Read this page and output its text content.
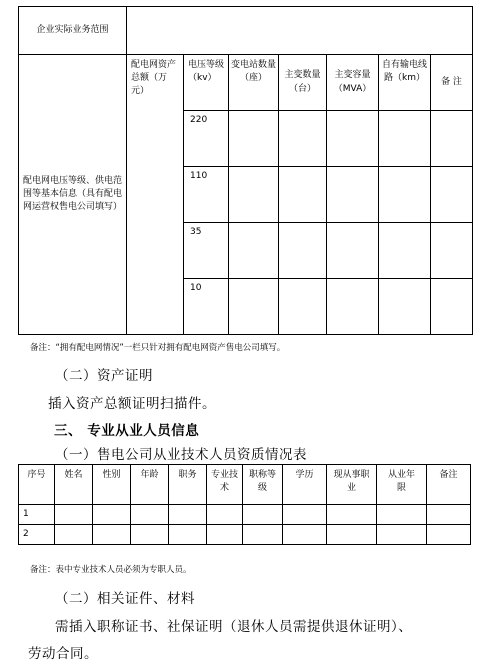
企业实际业务范围							
配电网电压等级、供电范围等基本信息（具有配电网运营权售电公司填写）	配电网资产总额（万元）	电压等级（kv）	变电站数量（座）	主变数量（台）	主变容量（MVA）	自有输电线路（km）	备 注
		220					
		110					
		35					
		10					
备注：“拥有配电网情况”一栏只针对拥有配电网资产售电公司填写。
（二）资产证明
插入资产总额证明扫描件。
三、 专业从业人员信息
（一）售电公司从业技术人员资质情况表
序号	姓名	性别	年龄	职务	专业技术	职称等级	学历	现从事职业	从业年限	备注
1										
2										
备注：表中专业技术人员必须为专职人员。
（二）相关证件、材料
需插入职称证书、社保证明（退休人员需提供退休证明）、
劳动合同。
